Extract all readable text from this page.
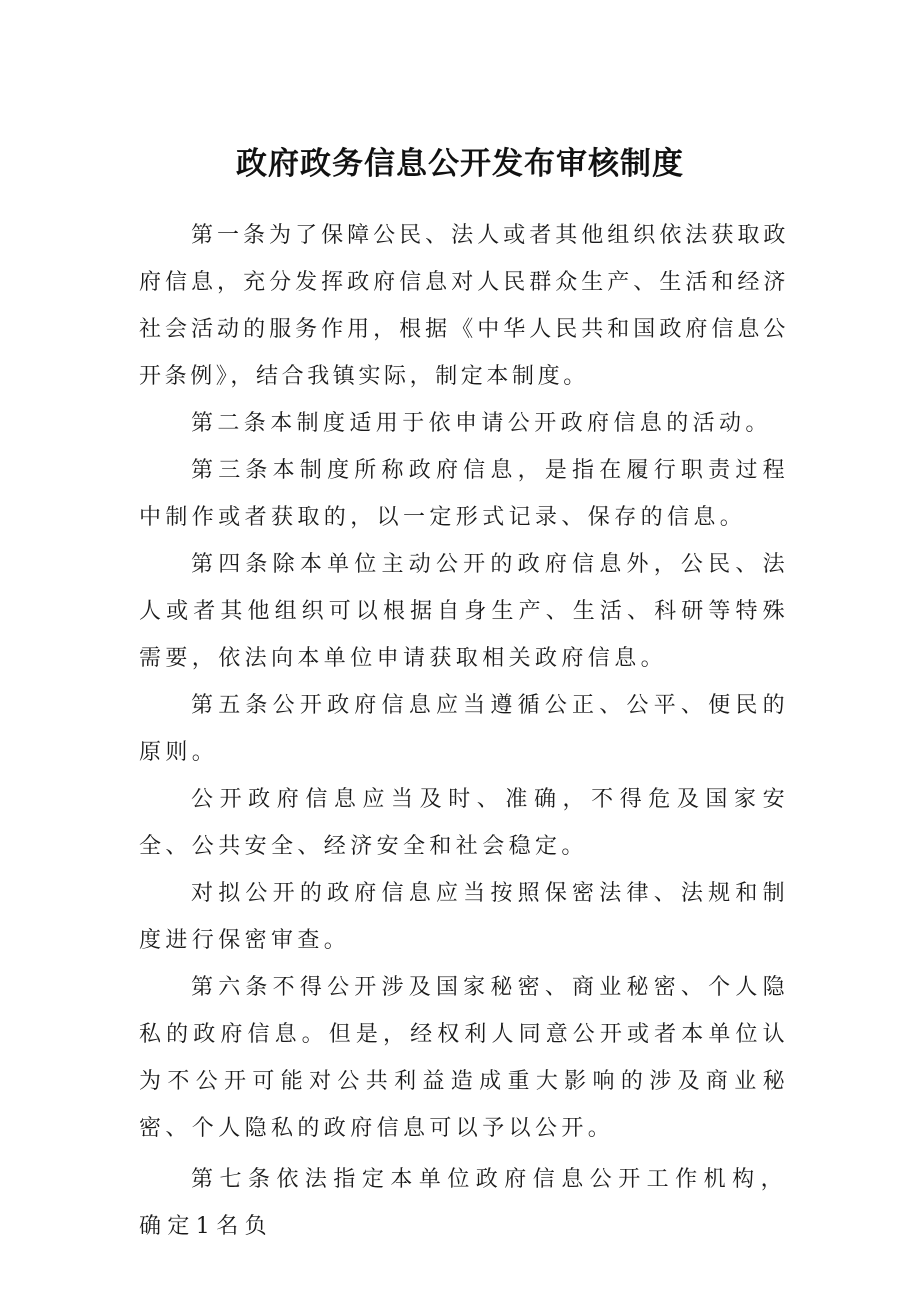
政府政务信息公开发布审核制度

第一条为了保障公民、法人或者其他组织依法获取政府信息，充分发挥政府信息对人民群众生产、生活和经济社会活动的服务作用，根据《中华人民共和国政府信息公开条例》，结合我镇实际，制定本制度。

第二条本制度适用于依申请公开政府信息的活动。

第三条本制度所称政府信息，是指在履行职责过程中制作或者获取的，以一定形式记录、保存的信息。

第四条除本单位主动公开的政府信息外，公民、法人或者其他组织可以根据自身生产、生活、科研等特殊需要，依法向本单位申请获取相关政府信息。

第五条公开政府信息应当遵循公正、公平、便民的原则。

公开政府信息应当及时、准确，不得危及国家安全、公共安全、经济安全和社会稳定。

对拟公开的政府信息应当按照保密法律、法规和制度进行保密审查。

第六条不得公开涉及国家秘密、商业秘密、个人隐私的政府信息。但是，经权利人同意公开或者本单位认为不公开可能对公共利益造成重大影响的涉及商业秘密、个人隐私的政府信息可以予以公开。

第七条依法指定本单位政府信息公开工作机构，确定1名负
